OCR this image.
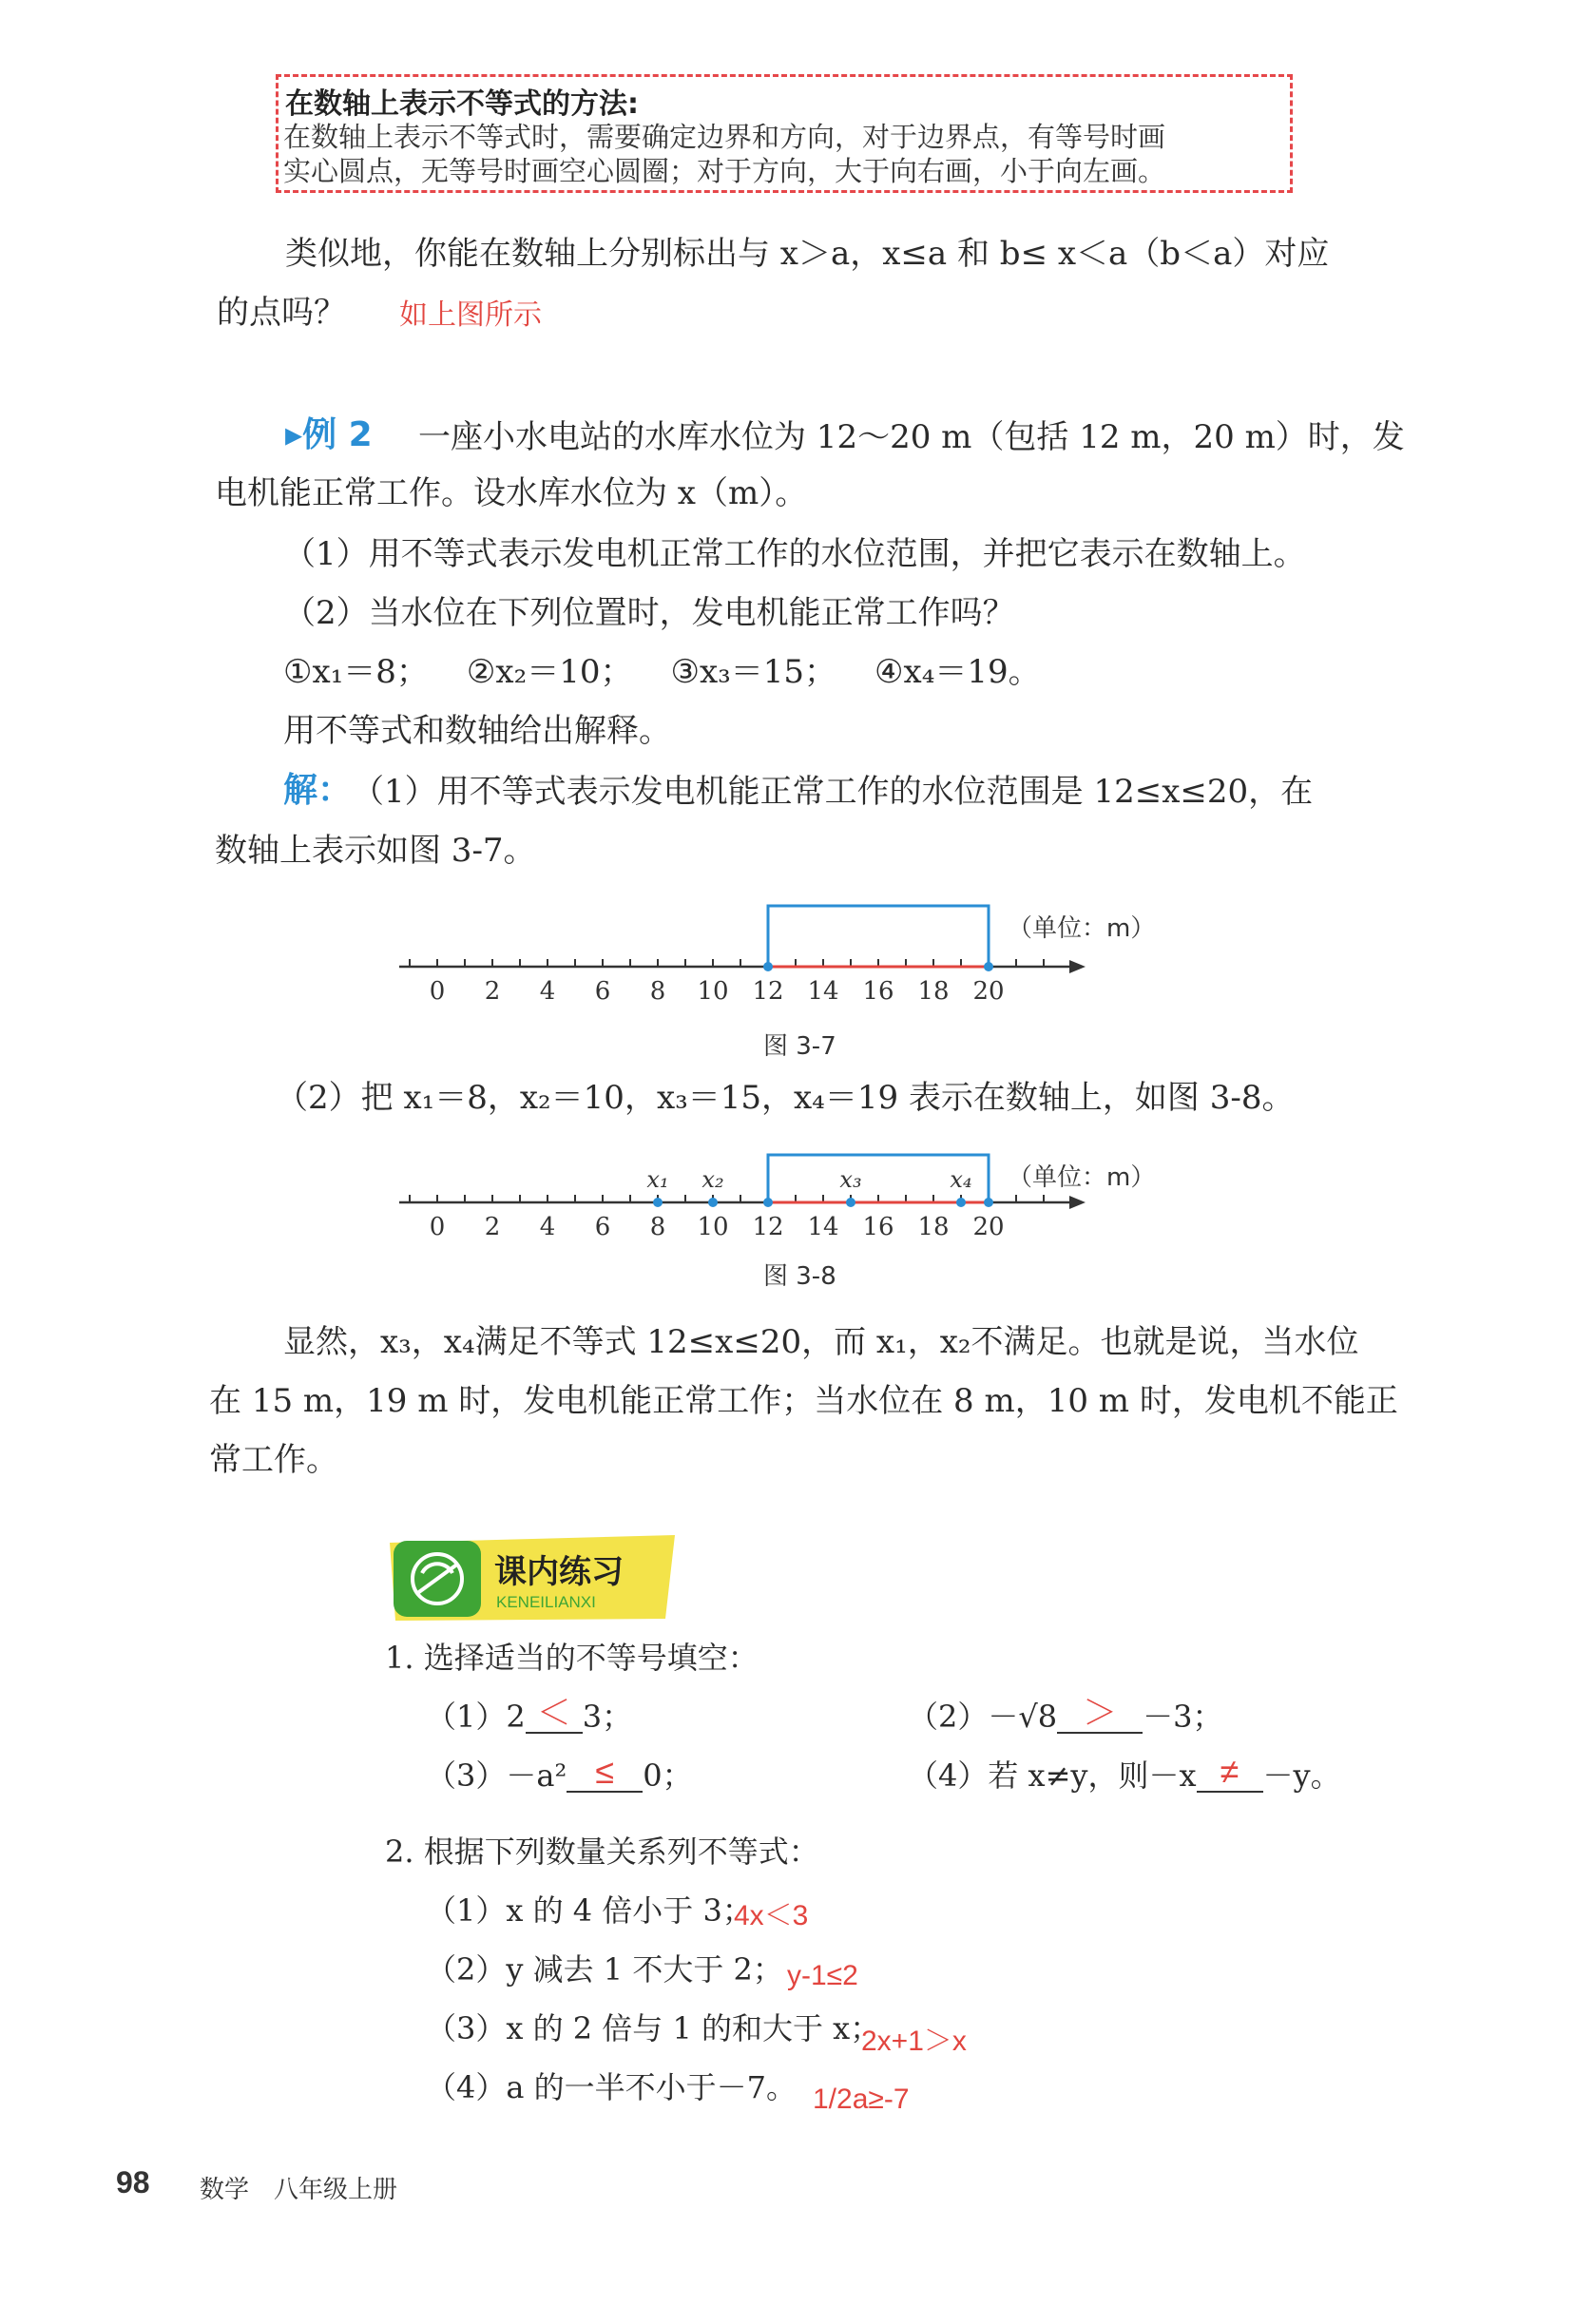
在数轴上表示不等式的方法:
在数轴上表示不等式时，需要确定边界和方向，对于边界点，有等号时画
实心圆点，无等号时画空心圆圈；对于方向，大于向右画，小于向左画。
类似地，你能在数轴上分别标出与 x＞a，x≤a 和 b≤ x＜a（b＜a）对应
的点吗？ 如上图所示
▸例 2 一座小水电站的水库水位为 12～20 m（包括 12 m，20 m）时，发
电机能正常工作。设水库水位为 x（m）。
（1）用不等式表示发电机正常工作的水位范围，并把它表示在数轴上。
（2）当水位在下列位置时，发电机能正常工作吗？
①x₁＝8； ②x₂＝10； ③x₃＝15； ④x₄＝19。
用不等式和数轴给出解释。
解： （1）用不等式表示发电机能正常工作的水位范围是 12≤x≤20，在
数轴上表示如图 3-7。
0 2 4 6 8 10 12 14 16 18 20
（单位：m）
图 3-7
（2）把 x₁＝8，x₂＝10，x₃＝15，x₄＝19 表示在数轴上，如图 3-8。
0 2 4 6 8 10 12 14 16 18 20
（单位：m）
x₁ x₂	x₃	x₄
图 3-8
显然，x₃，x₄满足不等式 12≤x≤20，而 x₁，x₂不满足。也就是说，当水位
在 15 m，19 m 时，发电机能正常工作；当水位在 8 m，10 m 时，发电机不能正
常工作。
课内练习
KENEILIANXI
1. 选择适当的不等号填空：
（1）2 ＜ 3；	（2）－√8 ＞ －3；
（3）－a² ≤ 0；	（4）若 x≠y，则－x ≠ －y。
2. 根据下列数量关系列不等式：
（1）x 的 4 倍小于 3；
4x＜3
（2）y 减去 1 不大于 2； y-1≤2
（3）x 的 2 倍与 1 的和大于 x；
2x+1＞x
（4）a 的一半不小于－7。 1/2a≥-7
98 数学 八年级上册
